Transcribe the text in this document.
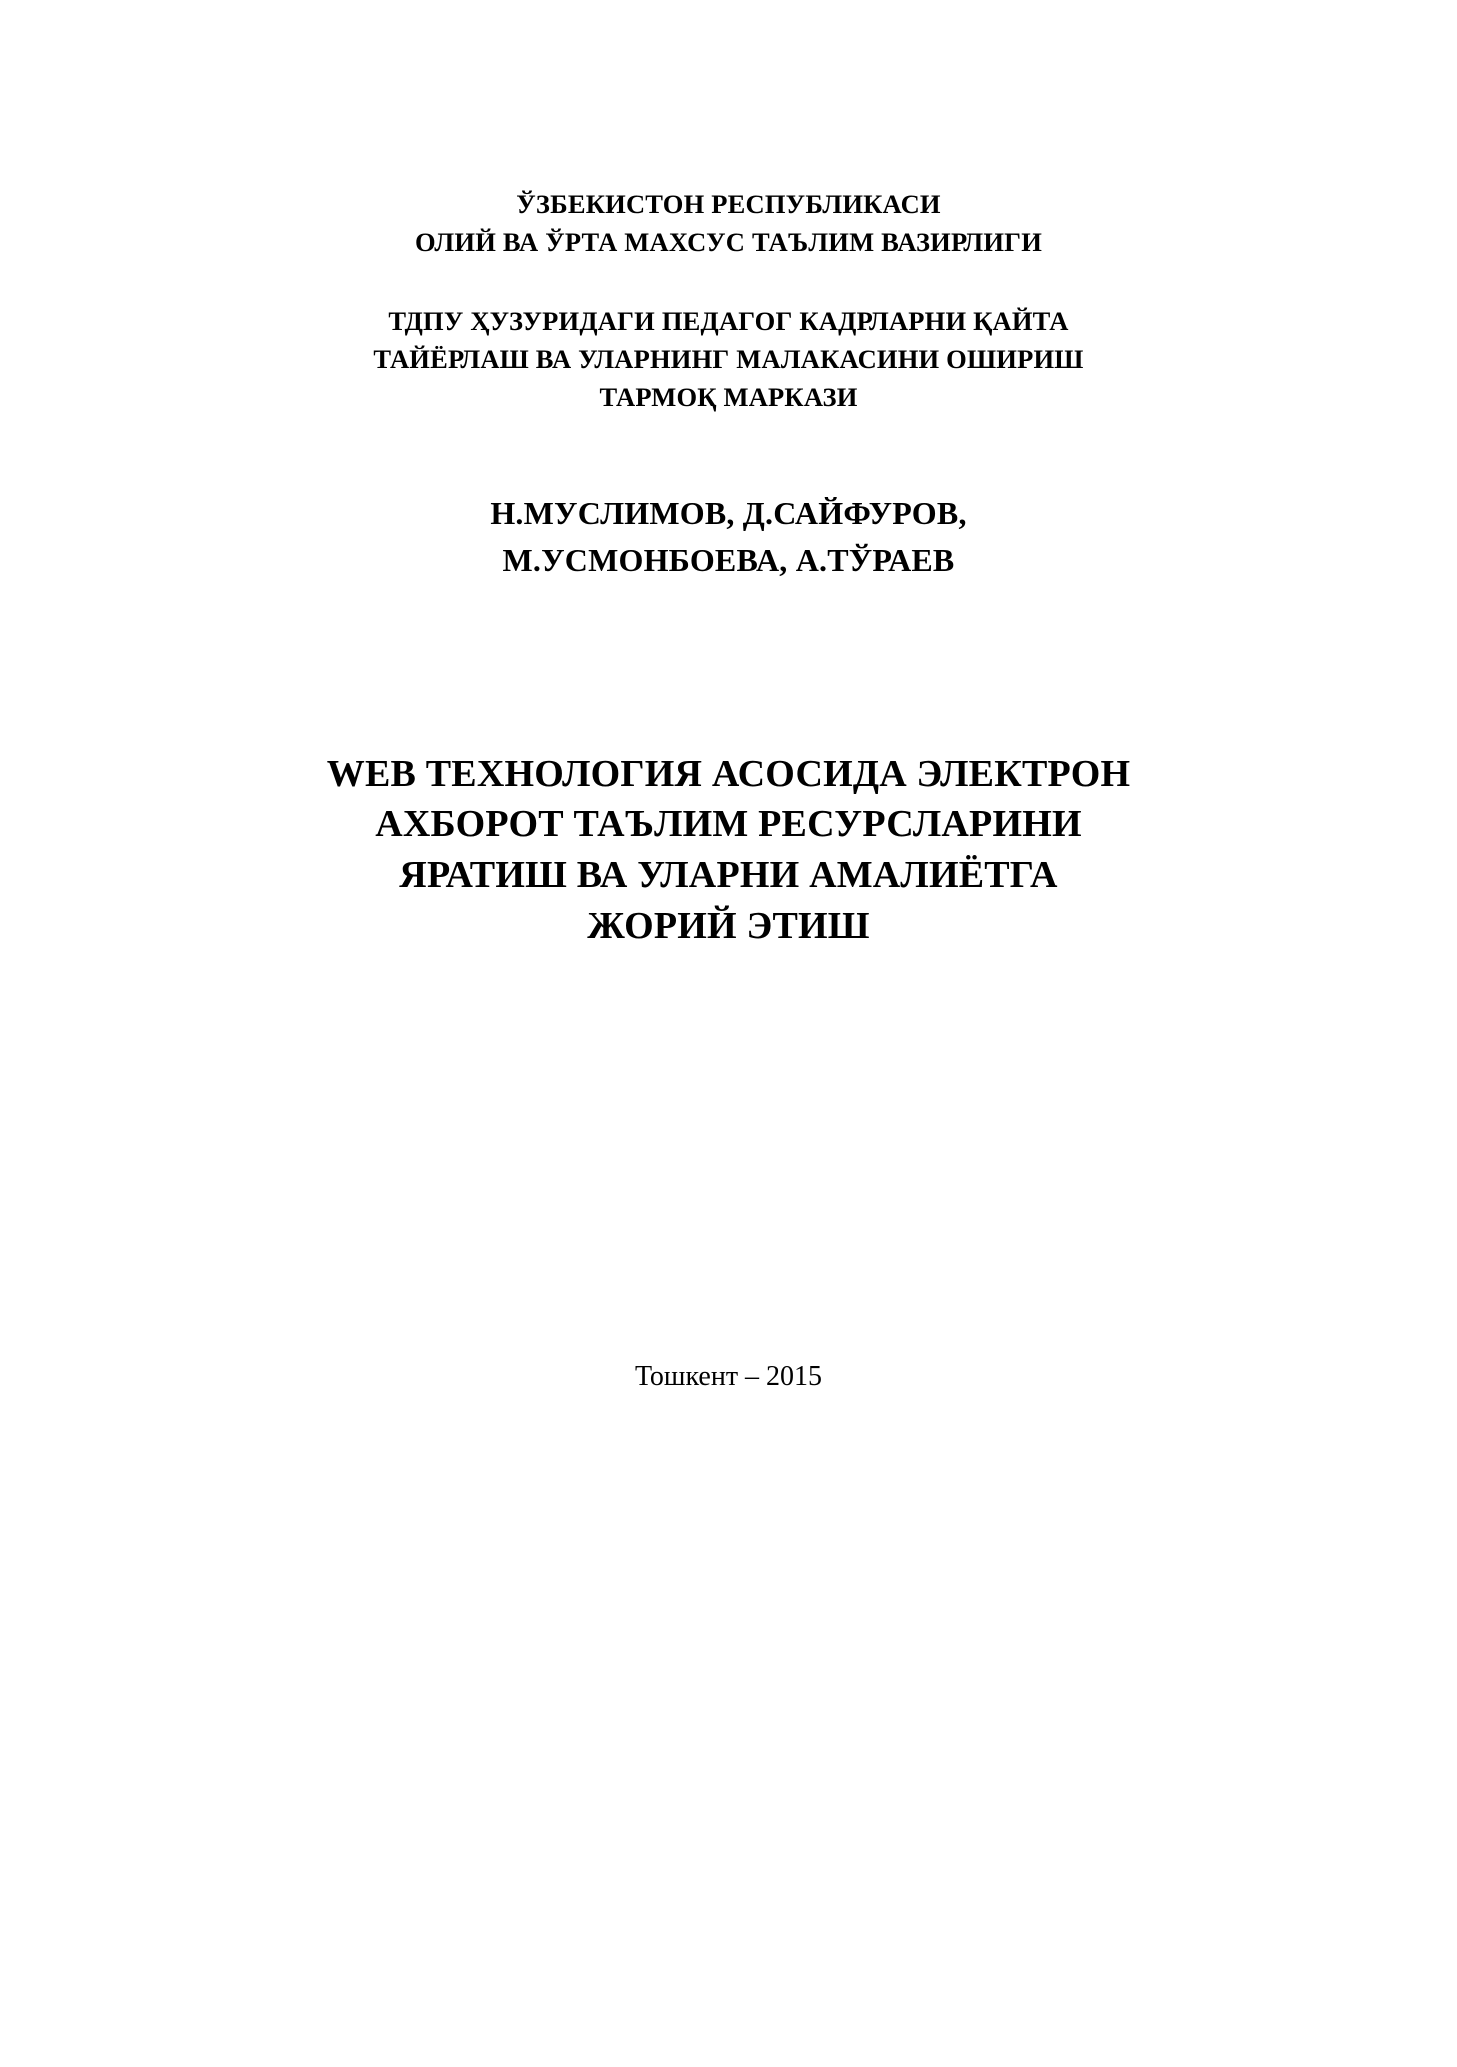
ЎЗБЕКИСТОН РЕСПУБЛИКАСИ
ОЛИЙ ВА ЎРТА МАХСУС ТАЪЛИМ ВАЗИРЛИГИ
ТДПУ ҲУЗУРИДАГИ ПЕДАГОГ КАДРЛАРНИ ҚАЙТА
ТАЙЁРЛАШ ВА УЛАРНИНГ МАЛАКАСИНИ ОШИРИШ
ТАРМОҚ МАРКАЗИ
Н.МУСЛИМОВ, Д.САЙФУРОВ,
М.УСМОНБОЕВА, А.ТЎРАЕВ
WEB ТЕХНОЛОГИЯ АСОСИДА ЭЛЕКТРОН
АХБОРОТ ТАЪЛИМ РЕСУРСЛАРИНИ
ЯРАТИШ ВА УЛАРНИ АМАЛИЁТГА
ЖОРИЙ ЭТИШ
Тошкент – 2015
